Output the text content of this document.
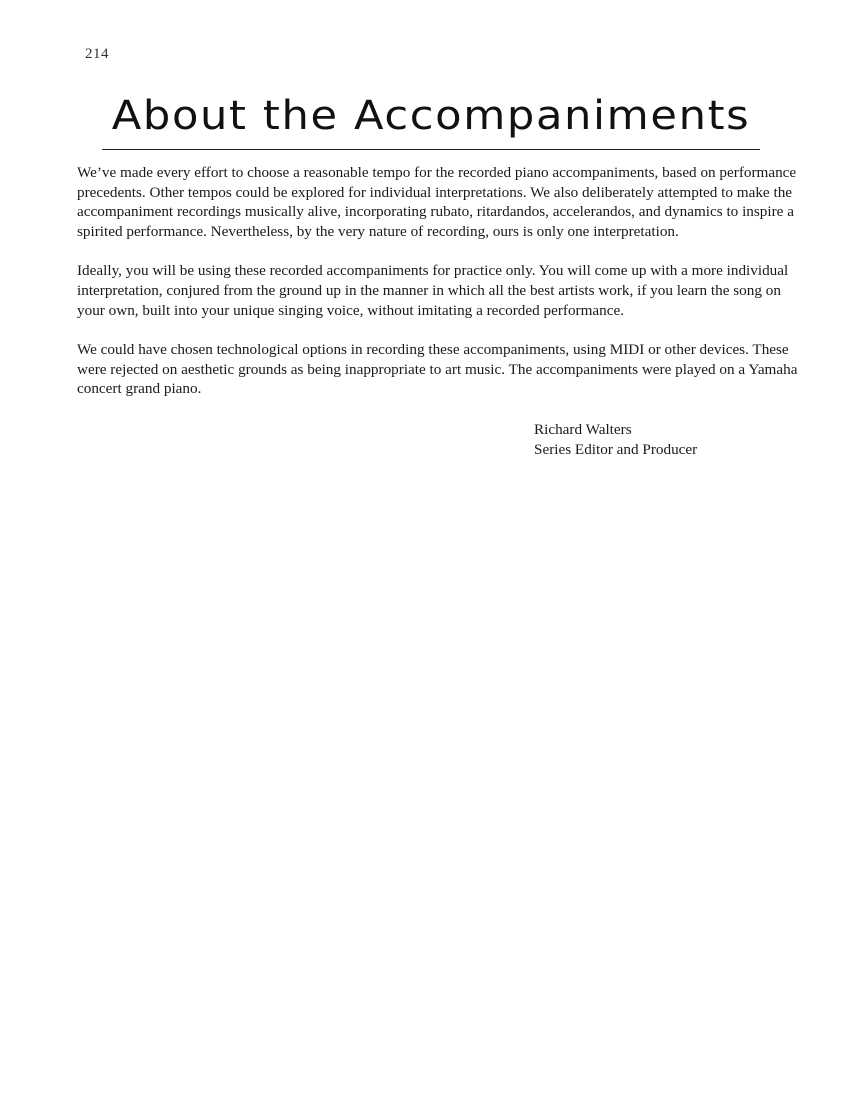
214
About the Accompaniments

We’ve made every effort to choose a reasonable tempo for the recorded piano accompaniments, based on performance precedents. Other tempos could be explored for individual interpretations. We also deliberately attempted to make the accompaniment recordings musically alive, incorporating rubato, ritardandos, accelerandos, and dynamics to inspire a spirited performance. Nevertheless, by the very nature of recording, ours is only one interpretation.

Ideally, you will be using these recorded accompaniments for practice only. You will come up with a more individual interpretation, conjured from the ground up in the manner in which all the best artists work, if you learn the song on your own, built into your unique singing voice, without imitating a recorded performance.

We could have chosen technological options in recording these accompaniments, using MIDI or other devices. These were rejected on aesthetic grounds as being inappropriate to art music. The accompaniments were played on a Yamaha concert grand piano.

Richard Walters
Series Editor and Producer
